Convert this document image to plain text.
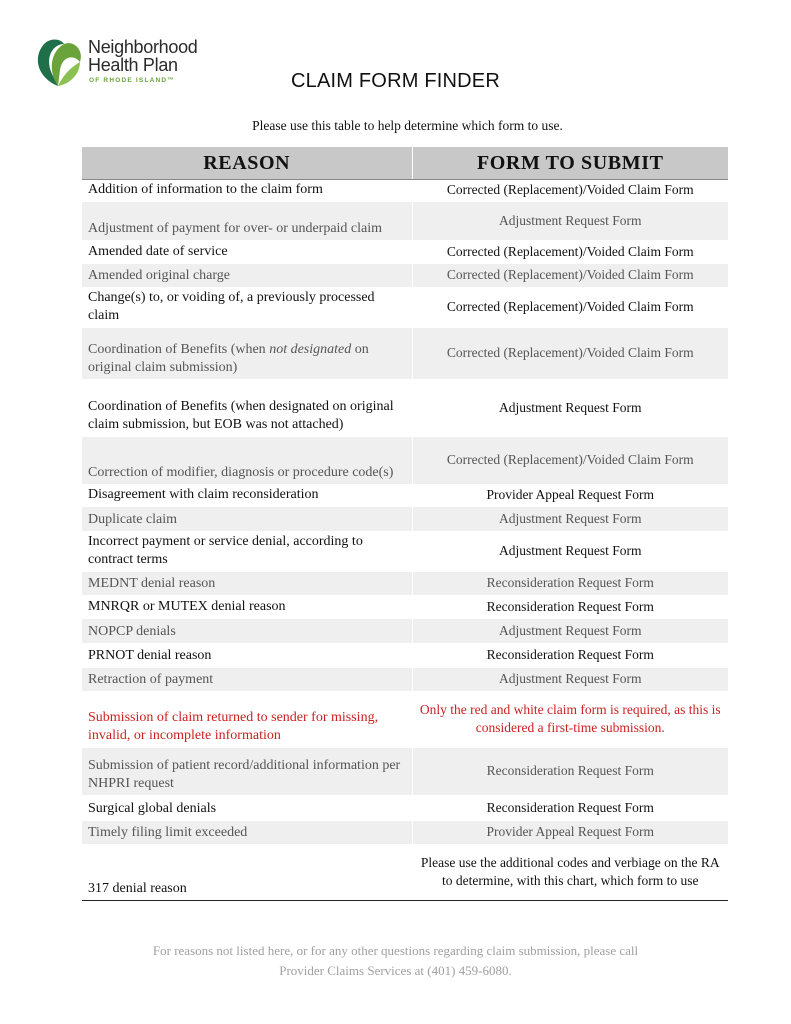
Neighborhood
Health Plan
OF RHODE ISLAND™	CLAIM FORM FINDER
Please use this table to help determine which form to use.
REASON	FORM TO SUBMIT
Addition of information to the claim form	Corrected (Replacement)/Voided Claim Form
Adjustment of payment for over- or underpaid claim	Adjustment Request Form
Amended date of service	Corrected (Replacement)/Voided Claim Form
Amended original charge	Corrected (Replacement)/Voided Claim Form
Change(s) to, or voiding of, a previously processed claim	Corrected (Replacement)/Voided Claim Form
Coordination of Benefits (when not designated on original claim submission)	Corrected (Replacement)/Voided Claim Form
Coordination of Benefits (when designated on original claim submission, but EOB was not attached)	Adjustment Request Form
Correction of modifier, diagnosis or procedure code(s)	Corrected (Replacement)/Voided Claim Form
Disagreement with claim reconsideration	Provider Appeal Request Form
Duplicate claim	Adjustment Request Form
Incorrect payment or service denial, according to contract terms	Adjustment Request Form
MEDNT denial reason	Reconsideration Request Form
MNRQR or MUTEX denial reason	Reconsideration Request Form
NOPCP denials	Adjustment Request Form
PRNOT denial reason	Reconsideration Request Form
Retraction of payment	Adjustment Request Form
Submission of claim returned to sender for missing, invalid, or incomplete information	Only the red and white claim form is required, as this is considered a first-time submission.
Submission of patient record/additional information per NHPRI request	Reconsideration Request Form
Surgical global denials	Reconsideration Request Form
Timely filing limit exceeded	Provider Appeal Request Form
317 denial reason	Please use the additional codes and verbiage on the RA to determine, with this chart, which form to use
For reasons not listed here, or for any other questions regarding claim submission, please call
Provider Claims Services at (401) 459-6080.
